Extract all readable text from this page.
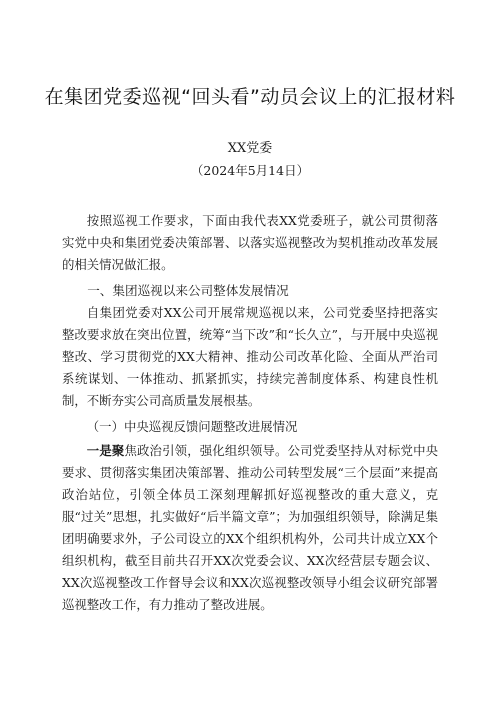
在集团党委巡视“回头看”动员会议上的汇报材料

XX党委

（2024年5月14日）

按照巡视工作要求，下面由我代表XX党委班子，就公司贯彻落实党中央和集团党委决策部署、以落实巡视整改为契机推动改革发展的相关情况做汇报。

一、集团巡视以来公司整体发展情况

自集团党委对XX公司开展常规巡视以来，公司党委坚持把落实整改要求放在突出位置，统筹“当下改”和“长久立”，与开展中央巡视整改、学习贯彻党的XX大精神、推动公司改革化险、全面从严治司系统谋划、一体推动、抓紧抓实，持续完善制度体系、构建良性机制，不断夯实公司高质量发展根基。

（一）中央巡视反馈问题整改进展情况

一是聚焦政治引领，强化组织领导。公司党委坚持从对标党中央要求、贯彻落实集团决策部署、推动公司转型发展“三个层面”来提高政治站位，引领全体员工深刻理解抓好巡视整改的重大意义，克服“过关”思想，扎实做好“后半篇文章”；为加强组织领导，除满足集团明确要求外，子公司设立的XX个组织机构外，公司共计成立XX个组织机构，截至目前共召开XX次党委会议、XX次经营层专题会议、XX次巡视整改工作督导会议和XX次巡视整改领导小组会议研究部署巡视整改工作，有力推动了整改进展。
